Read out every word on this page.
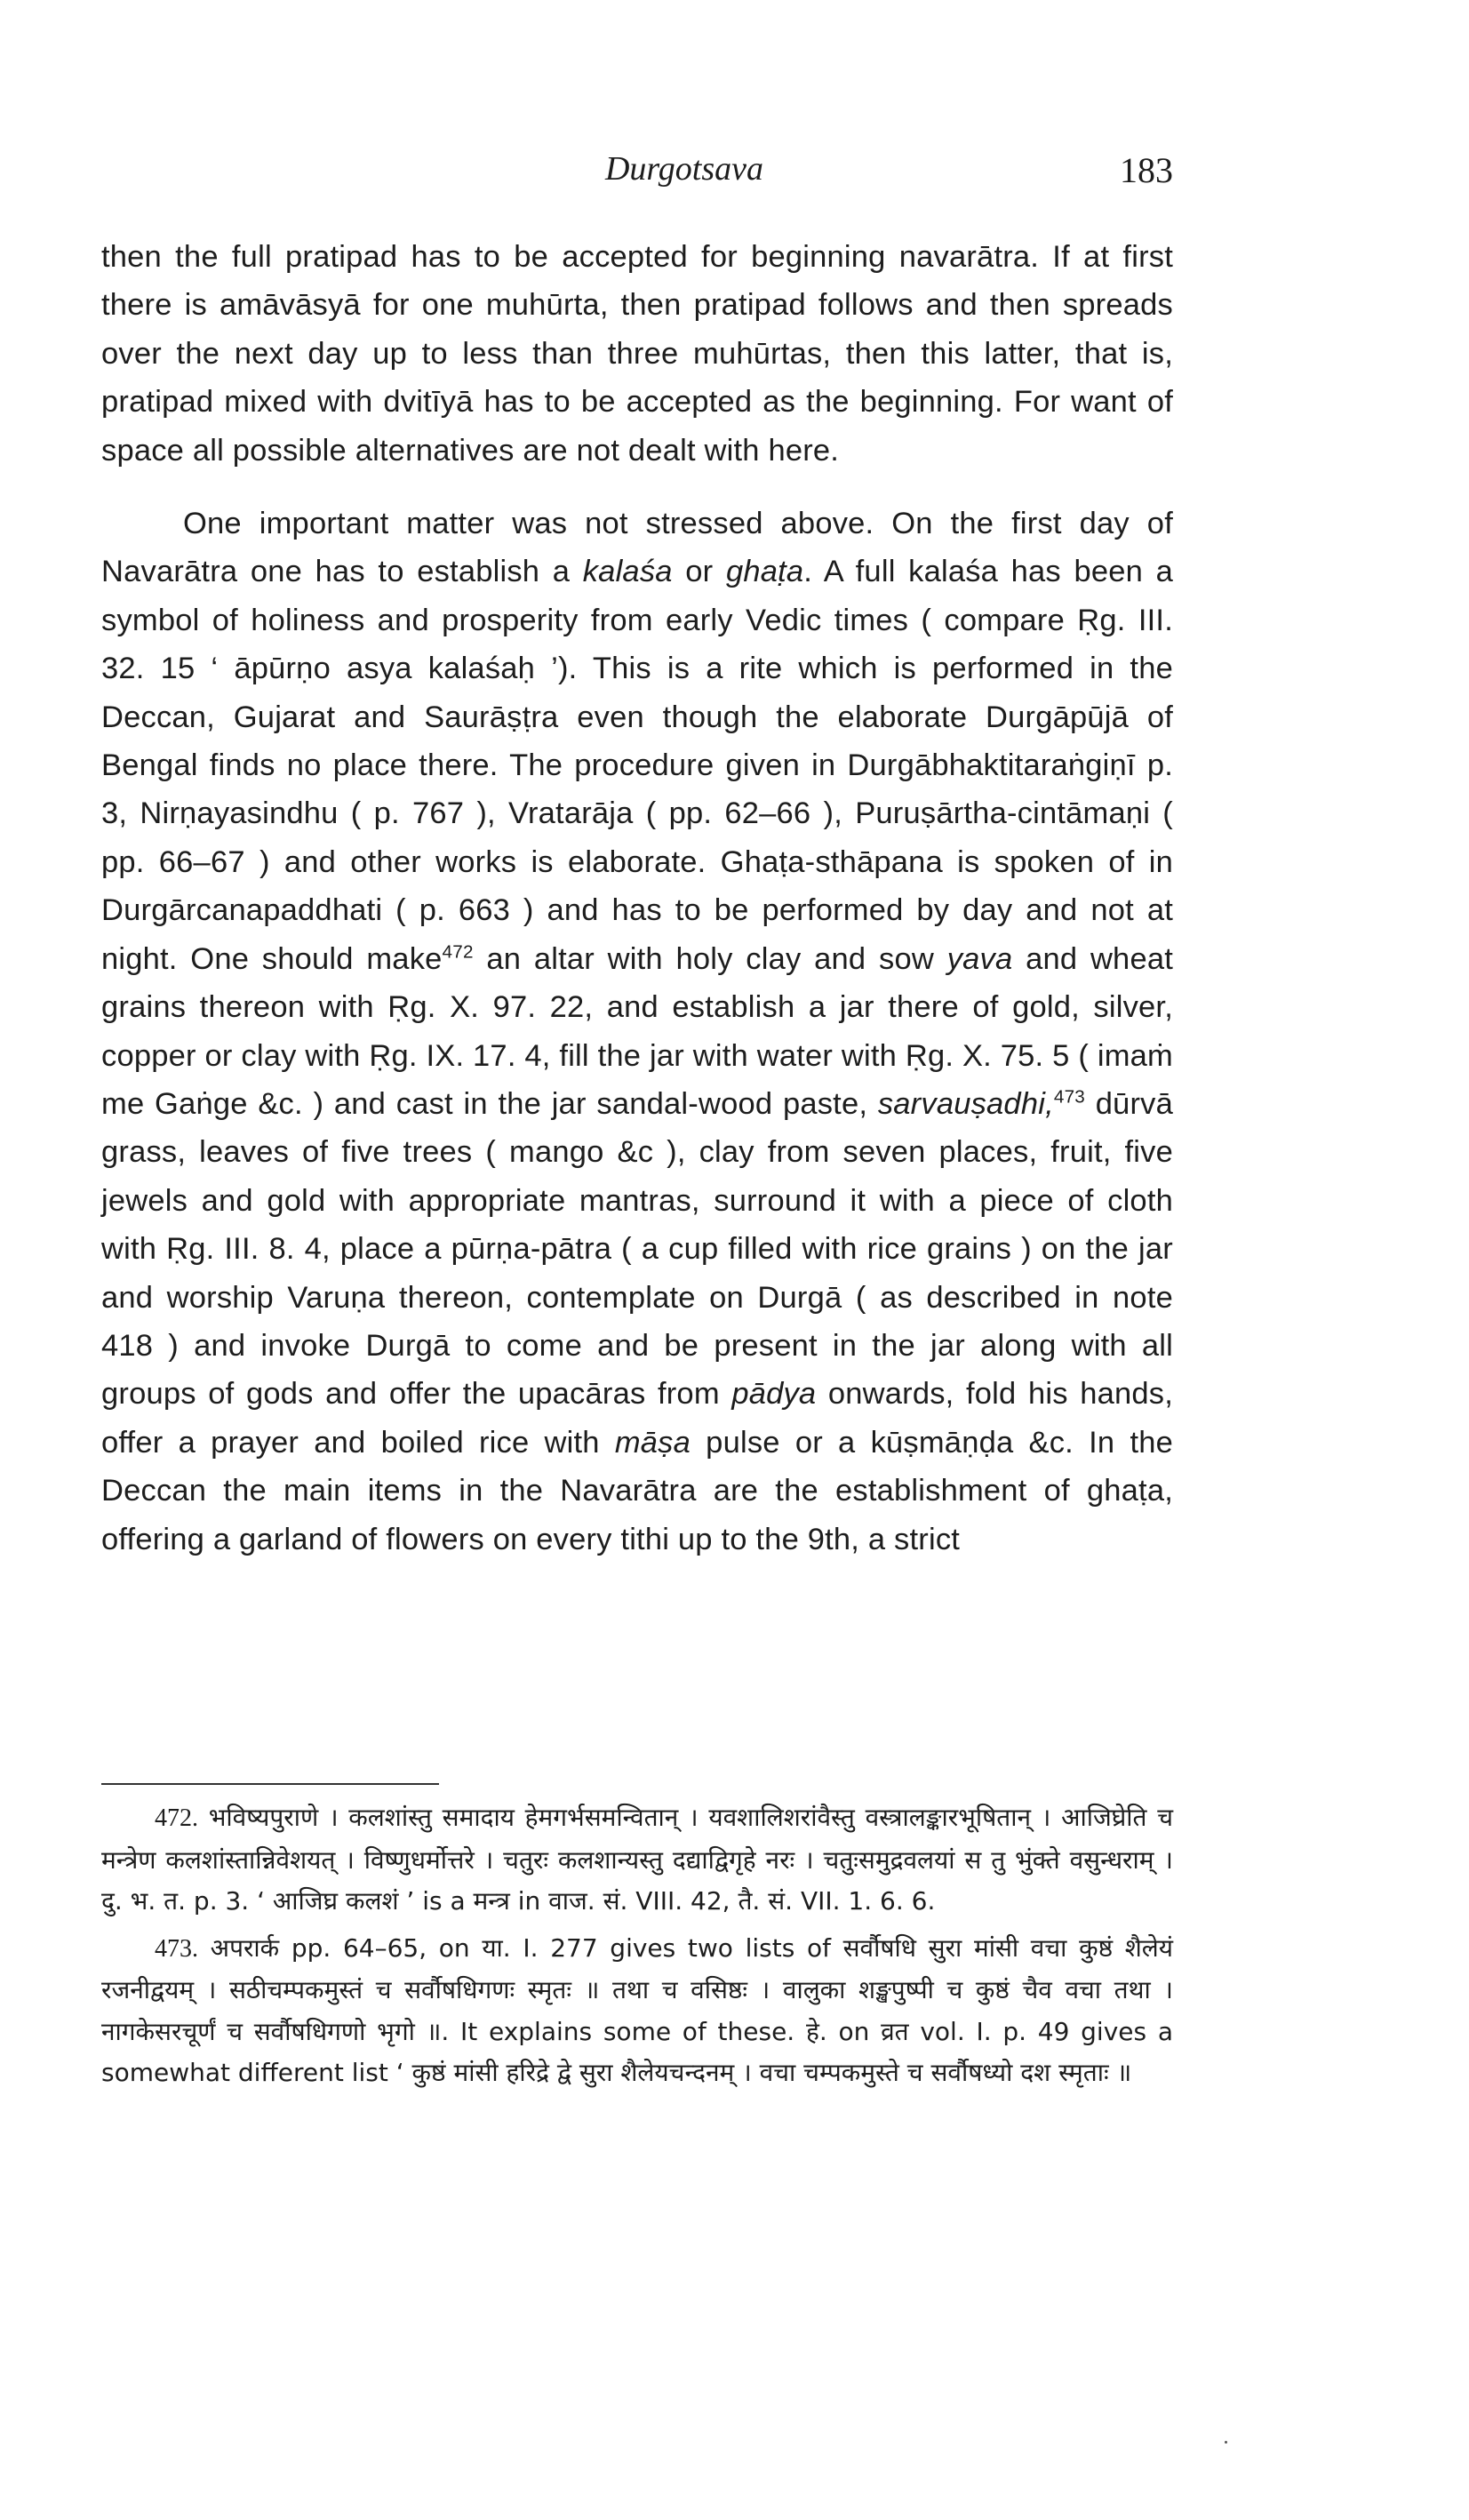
Durgotsava	183

then the full pratipad has to be accepted for beginning navarātra. If at first there is amāvāsyā for one muhūrta, then pratipad follows and then spreads over the next day up to less than three muhūrtas, then this latter, that is, pratipad mixed with dvitīyā has to be accepted as the beginning. For want of space all possible alternatives are not dealt with here.

One important matter was not stressed above. On the first day of Navarātra one has to establish a kalaśa or ghaṭa. A full kalaśa has been a symbol of holiness and prosperity from early Vedic times ( compare Ṛg. III. 32. 15 ‘ āpūrṇo asya kalaśaḥ ’). This is a rite which is performed in the Deccan, Gujarat and Saurāṣṭra even though the elaborate Durgāpūjā of Bengal finds no place there. The procedure given in Durgābhaktitaraṅgiṇī p. 3, Nirṇayasindhu ( p. 767 ), Vratarāja ( pp. 62–66 ), Puruṣārtha-cintāmaṇi ( pp. 66–67 ) and other works is elaborate. Ghaṭa-sthāpana is spoken of in Durgārcanapaddhati ( p. 663 ) and has to be performed by day and not at night. One should make$^{472}$ an altar with holy clay and sow yava and wheat grains thereon with Ṛg. X. 97. 22, and establish a jar there of gold, silver, copper or clay with Ṛg. IX. 17. 4, fill the jar with water with Ṛg. X. 75. 5 ( imaṁ me Gaṅge &c. ) and cast in the jar sandal-wood paste, sarvauṣadhi,$^{473}$ dūrvā grass, leaves of five trees ( mango &c ), clay from seven places, fruit, five jewels and gold with appropriate mantras, surround it with a piece of cloth with Ṛg. III. 8. 4, place a pūrṇa-pātra ( a cup filled with rice grains ) on the jar and worship Varuṇa thereon, contemplate on Durgā ( as described in note 418 ) and invoke Durgā to come and be present in the jar along with all groups of gods and offer the upacāras from pādya onwards, fold his hands, offer a prayer and boiled rice with māṣa pulse or a kūṣmāṇḍa &c. In the Deccan the main items in the Navarātra are the establishment of ghaṭa, offering a garland of flowers on every tithi up to the 9th, a strict

472. भविष्यपुराणे । कलशांस्तु समादाय हेमगर्भसमन्वितान् । यवशालिशरांवैस्तु वस्त्रालङ्कारभूषितान् । आजिघ्रेति च मन्त्रेण कलशांस्तान्निवेशयत् । विष्णुधर्मोत्तरे । चतुरः कलशान्यस्तु दद्याद्विगृहे नरः । चतुःसमुद्रवलयां स तु भुंक्ते वसुन्धराम् । दु. भ. त. p. 3. ‘ आजिघ्र कलशं ’ is a मन्त्र in वाज. सं. VIII. 42, तै. सं. VII. 1. 6. 6.

473. अपरार्क pp. 64–65, on या. I. 277 gives two lists of सर्वौषधि सुरा मांसी वचा कुष्ठं शैलेयं रजनीद्वयम् । सठीचम्पकमुस्तं च सर्वौषधिगणः स्मृतः ॥ तथा च वसिष्ठः । वालुका शङ्खपुष्पी च कुष्ठं चैव वचा तथा । नागकेसरचूर्णं च सर्वौषधिगणो भृगो ॥. It explains some of these. हे. on व्रत vol. I. p. 49 gives a somewhat different list ‘ कुष्ठं मांसी हरिद्रे द्वे सुरा शैलेयचन्दनम् । वचा चम्पकमुस्ते च सर्वौषध्यो दश स्मृताः ॥
